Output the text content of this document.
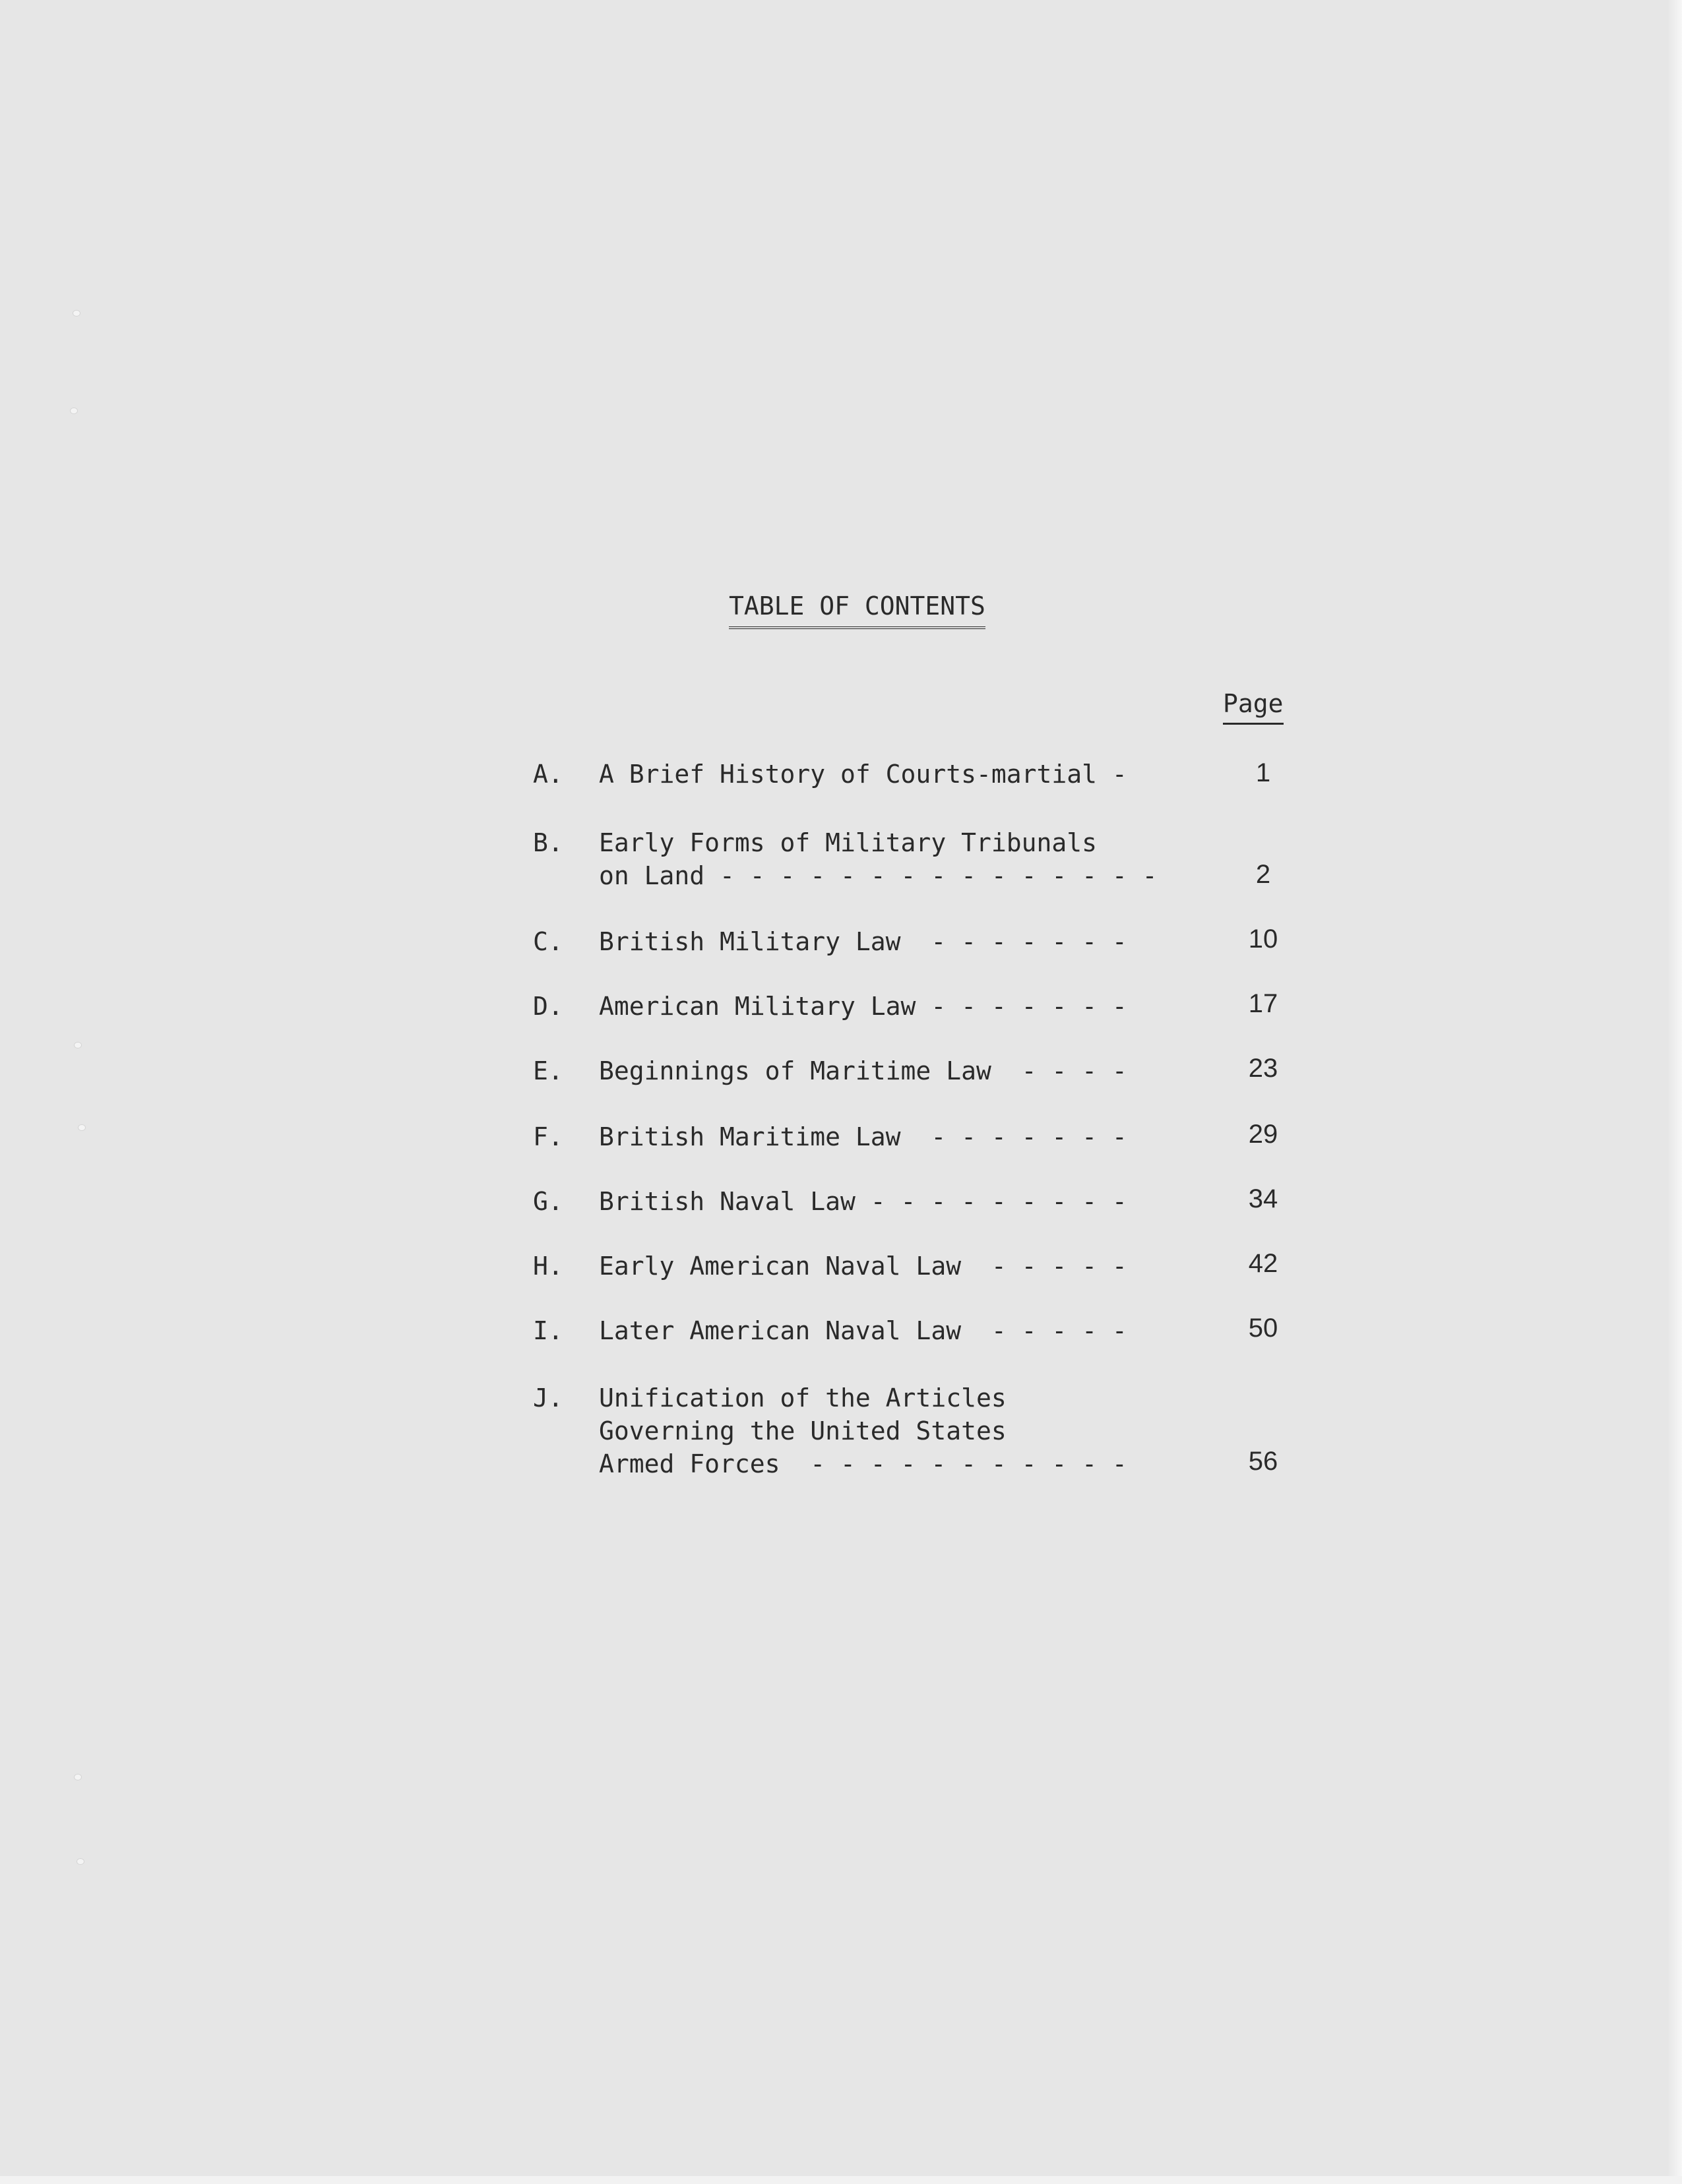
TABLE OF CONTENTS
Page
A. A Brief History of Courts-martial -	1
B. Early Forms of Military Tribunals
on Land - - - - - - - - - - - - - - -	2
C. British Military Law  - - - - - - -	10
D. American Military Law - - - - - - -	17
E. Beginnings of Maritime Law  - - - -	23
F. British Maritime Law  - - - - - - -	29
G. British Naval Law - - - - - - - - -	34
H. Early American Naval Law  - - - - -	42
I. Later American Naval Law  - - - - -	50
J. Unification of the Articles
Governing the United States
Armed Forces  - - - - - - - - - - -	56
